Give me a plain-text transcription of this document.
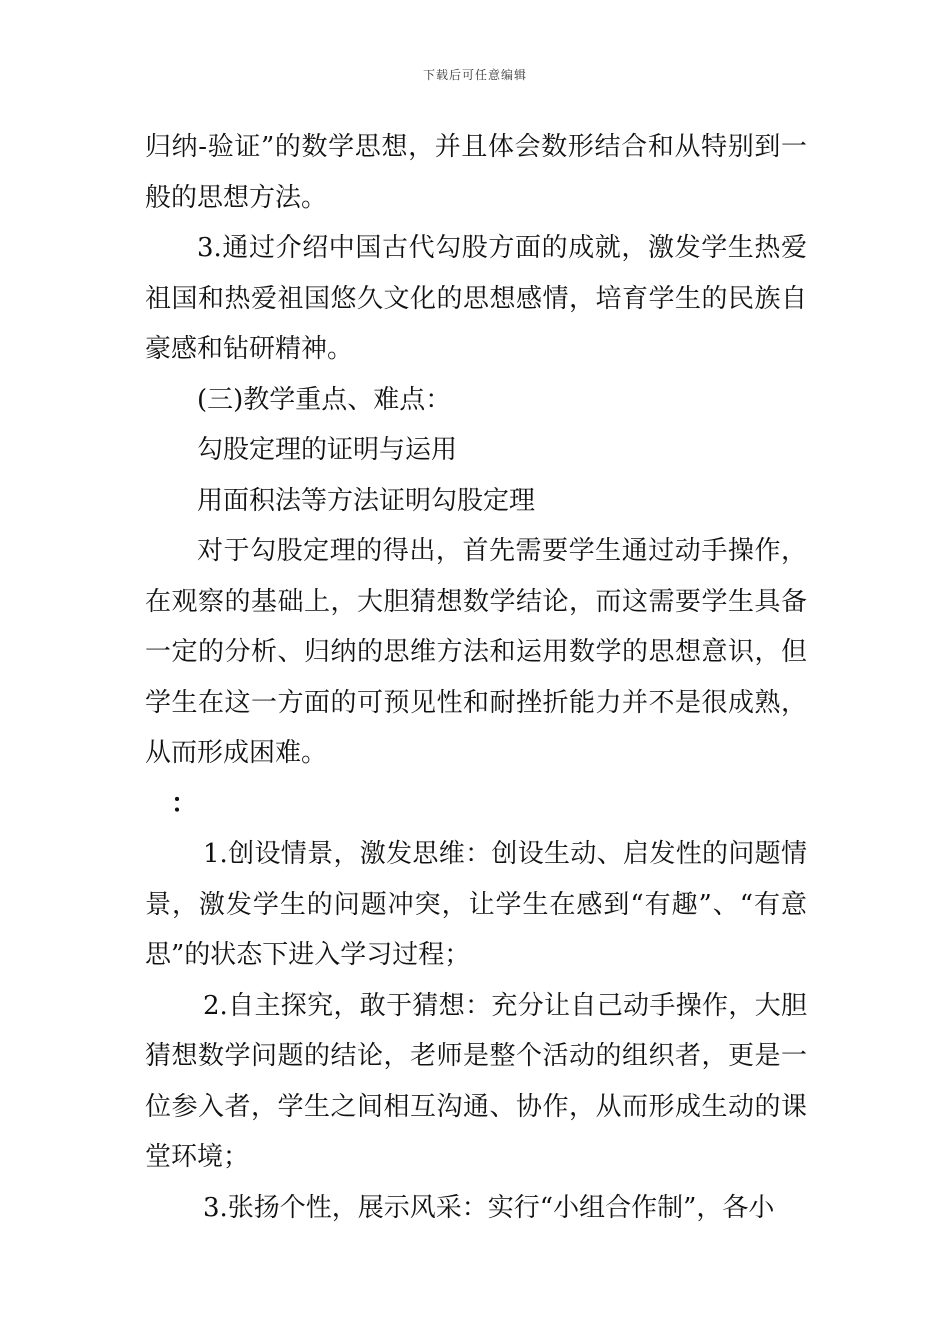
下载后可任意编辑

归纳-验证”的数学思想，并且体会数形结合和从特别到一般的思想方法。

3.通过介绍中国古代勾股方面的成就，激发学生热爱祖国和热爱祖国悠久文化的思想感情，培育学生的民族自豪感和钻研精神。

(三)教学重点、难点：

勾股定理的证明与运用

用面积法等方法证明勾股定理

对于勾股定理的得出，首先需要学生通过动手操作，在观察的基础上，大胆猜想数学结论，而这需要学生具备一定的分析、归纳的思维方法和运用数学的思想意识，但学生在这一方面的可预见性和耐挫折能力并不是很成熟，从而形成困难。

：

1.创设情景，激发思维：创设生动、启发性的问题情景，激发学生的问题冲突，让学生在感到“有趣”、“有意思”的状态下进入学习过程；

2.自主探究，敢于猜想：充分让自己动手操作，大胆猜想数学问题的结论，老师是整个活动的组织者，更是一位参入者，学生之间相互沟通、协作，从而形成生动的课堂环境；

3.张扬个性，展示风采：实行“小组合作制”，各小
